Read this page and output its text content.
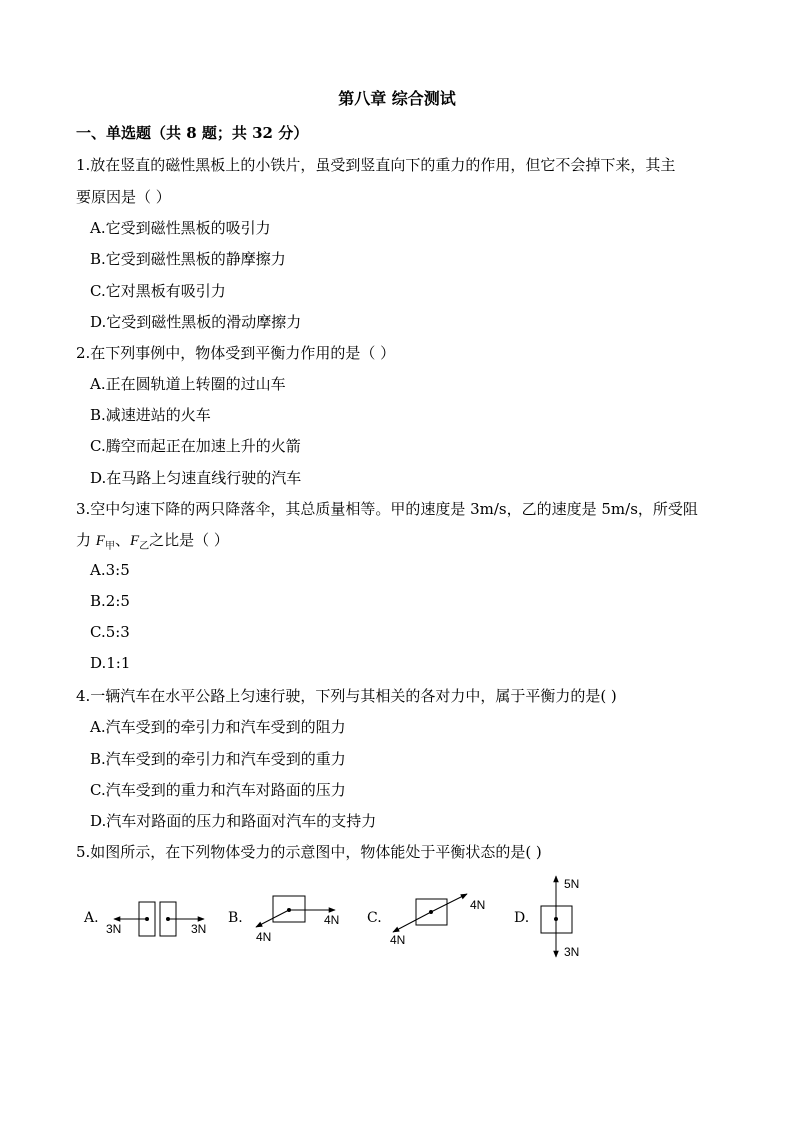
第八章 综合测试
一、单选题（共 8 题；共 32 分）
1.放在竖直的磁性黑板上的小铁片，虽受到竖直向下的重力的作用，但它不会掉下来，其主
要原因是（ ）
A.它受到磁性黑板的吸引力
B.它受到磁性黑板的静摩擦力
C.它对黑板有吸引力
D.它受到磁性黑板的滑动摩擦力
2.在下列事例中，物体受到平衡力作用的是（ ）
A.正在圆轨道上转圈的过山车
B.减速进站的火车
C.腾空而起正在加速上升的火箭
D.在马路上匀速直线行驶的汽车
3.空中匀速下降的两只降落伞，其总质量相等。甲的速度是 3m/s，乙的速度是 5m/s，所受阻
力 $F_甲$、$F_乙$之比是（ ）
A.3:5
B.2:5
C.5:3
D.1:1
4.一辆汽车在水平公路上匀速行驶，下列与其相关的各对力中，属于平衡力的是( )
A.汽车受到的牵引力和汽车受到的阻力
B.汽车受到的牵引力和汽车受到的重力
C.汽车受到的重力和汽车对路面的压力
D.汽车对路面的压力和路面对汽车的支持力
5.如图所示，在下列物体受力的示意图中，物体能处于平衡状态的是( )
A.
3N	3N
B.
4N
4N C.
4N
4N
D.
5N
3N
